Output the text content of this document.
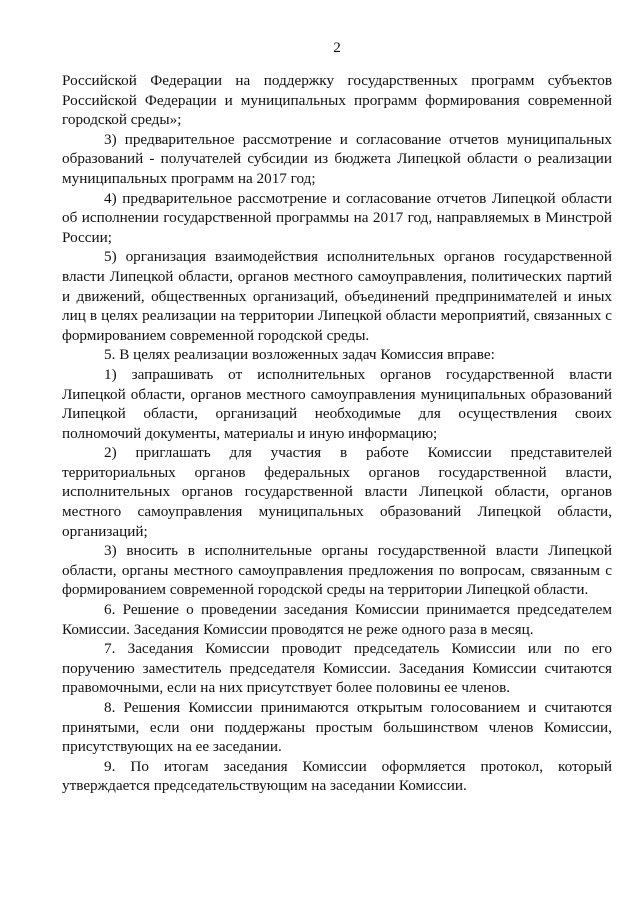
2

Российской Федерации на поддержку государственных программ субъектов Российской Федерации и муниципальных программ формирования современной городской среды»;

3) предварительное рассмотрение и согласование отчетов муниципальных образований - получателей субсидии из бюджета Липецкой области о реализации муниципальных программ на 2017 год;

4) предварительное рассмотрение и согласование отчетов Липецкой области об исполнении государственной программы на 2017 год, направляемых в Минстрой России;

5) организация взаимодействия исполнительных органов государственной власти Липецкой области, органов местного самоуправления, политических партий и движений, общественных организаций, объединений предпринимателей и иных лиц в целях реализации на территории Липецкой области мероприятий, связанных с формированием современной городской среды.

5. В целях реализации возложенных задач Комиссия вправе:

1) запрашивать от исполнительных органов государственной власти Липецкой области, органов местного самоуправления муниципальных образований Липецкой области, организаций необходимые для осуществления своих полномочий документы, материалы и иную информацию;

2) приглашать для участия в работе Комиссии представителей территориальных органов федеральных органов государственной власти, исполнительных органов государственной власти Липецкой области, органов местного самоуправления муниципальных образований Липецкой области, организаций;

3) вносить в исполнительные органы государственной власти Липецкой области, органы местного самоуправления предложения по вопросам, связанным с формированием современной городской среды на территории Липецкой области.

6. Решение о проведении заседания Комиссии принимается председателем Комиссии. Заседания Комиссии проводятся не реже одного раза в месяц.

7. Заседания Комиссии проводит председатель Комиссии или по его поручению заместитель председателя Комиссии. Заседания Комиссии считаются правомочными, если на них присутствует более половины ее членов.

8. Решения Комиссии принимаются открытым голосованием и считаются принятыми, если они поддержаны простым большинством членов Комиссии, присутствующих на ее заседании.

9. По итогам заседания Комиссии оформляется протокол, который утверждается председательствующим на заседании Комиссии.
